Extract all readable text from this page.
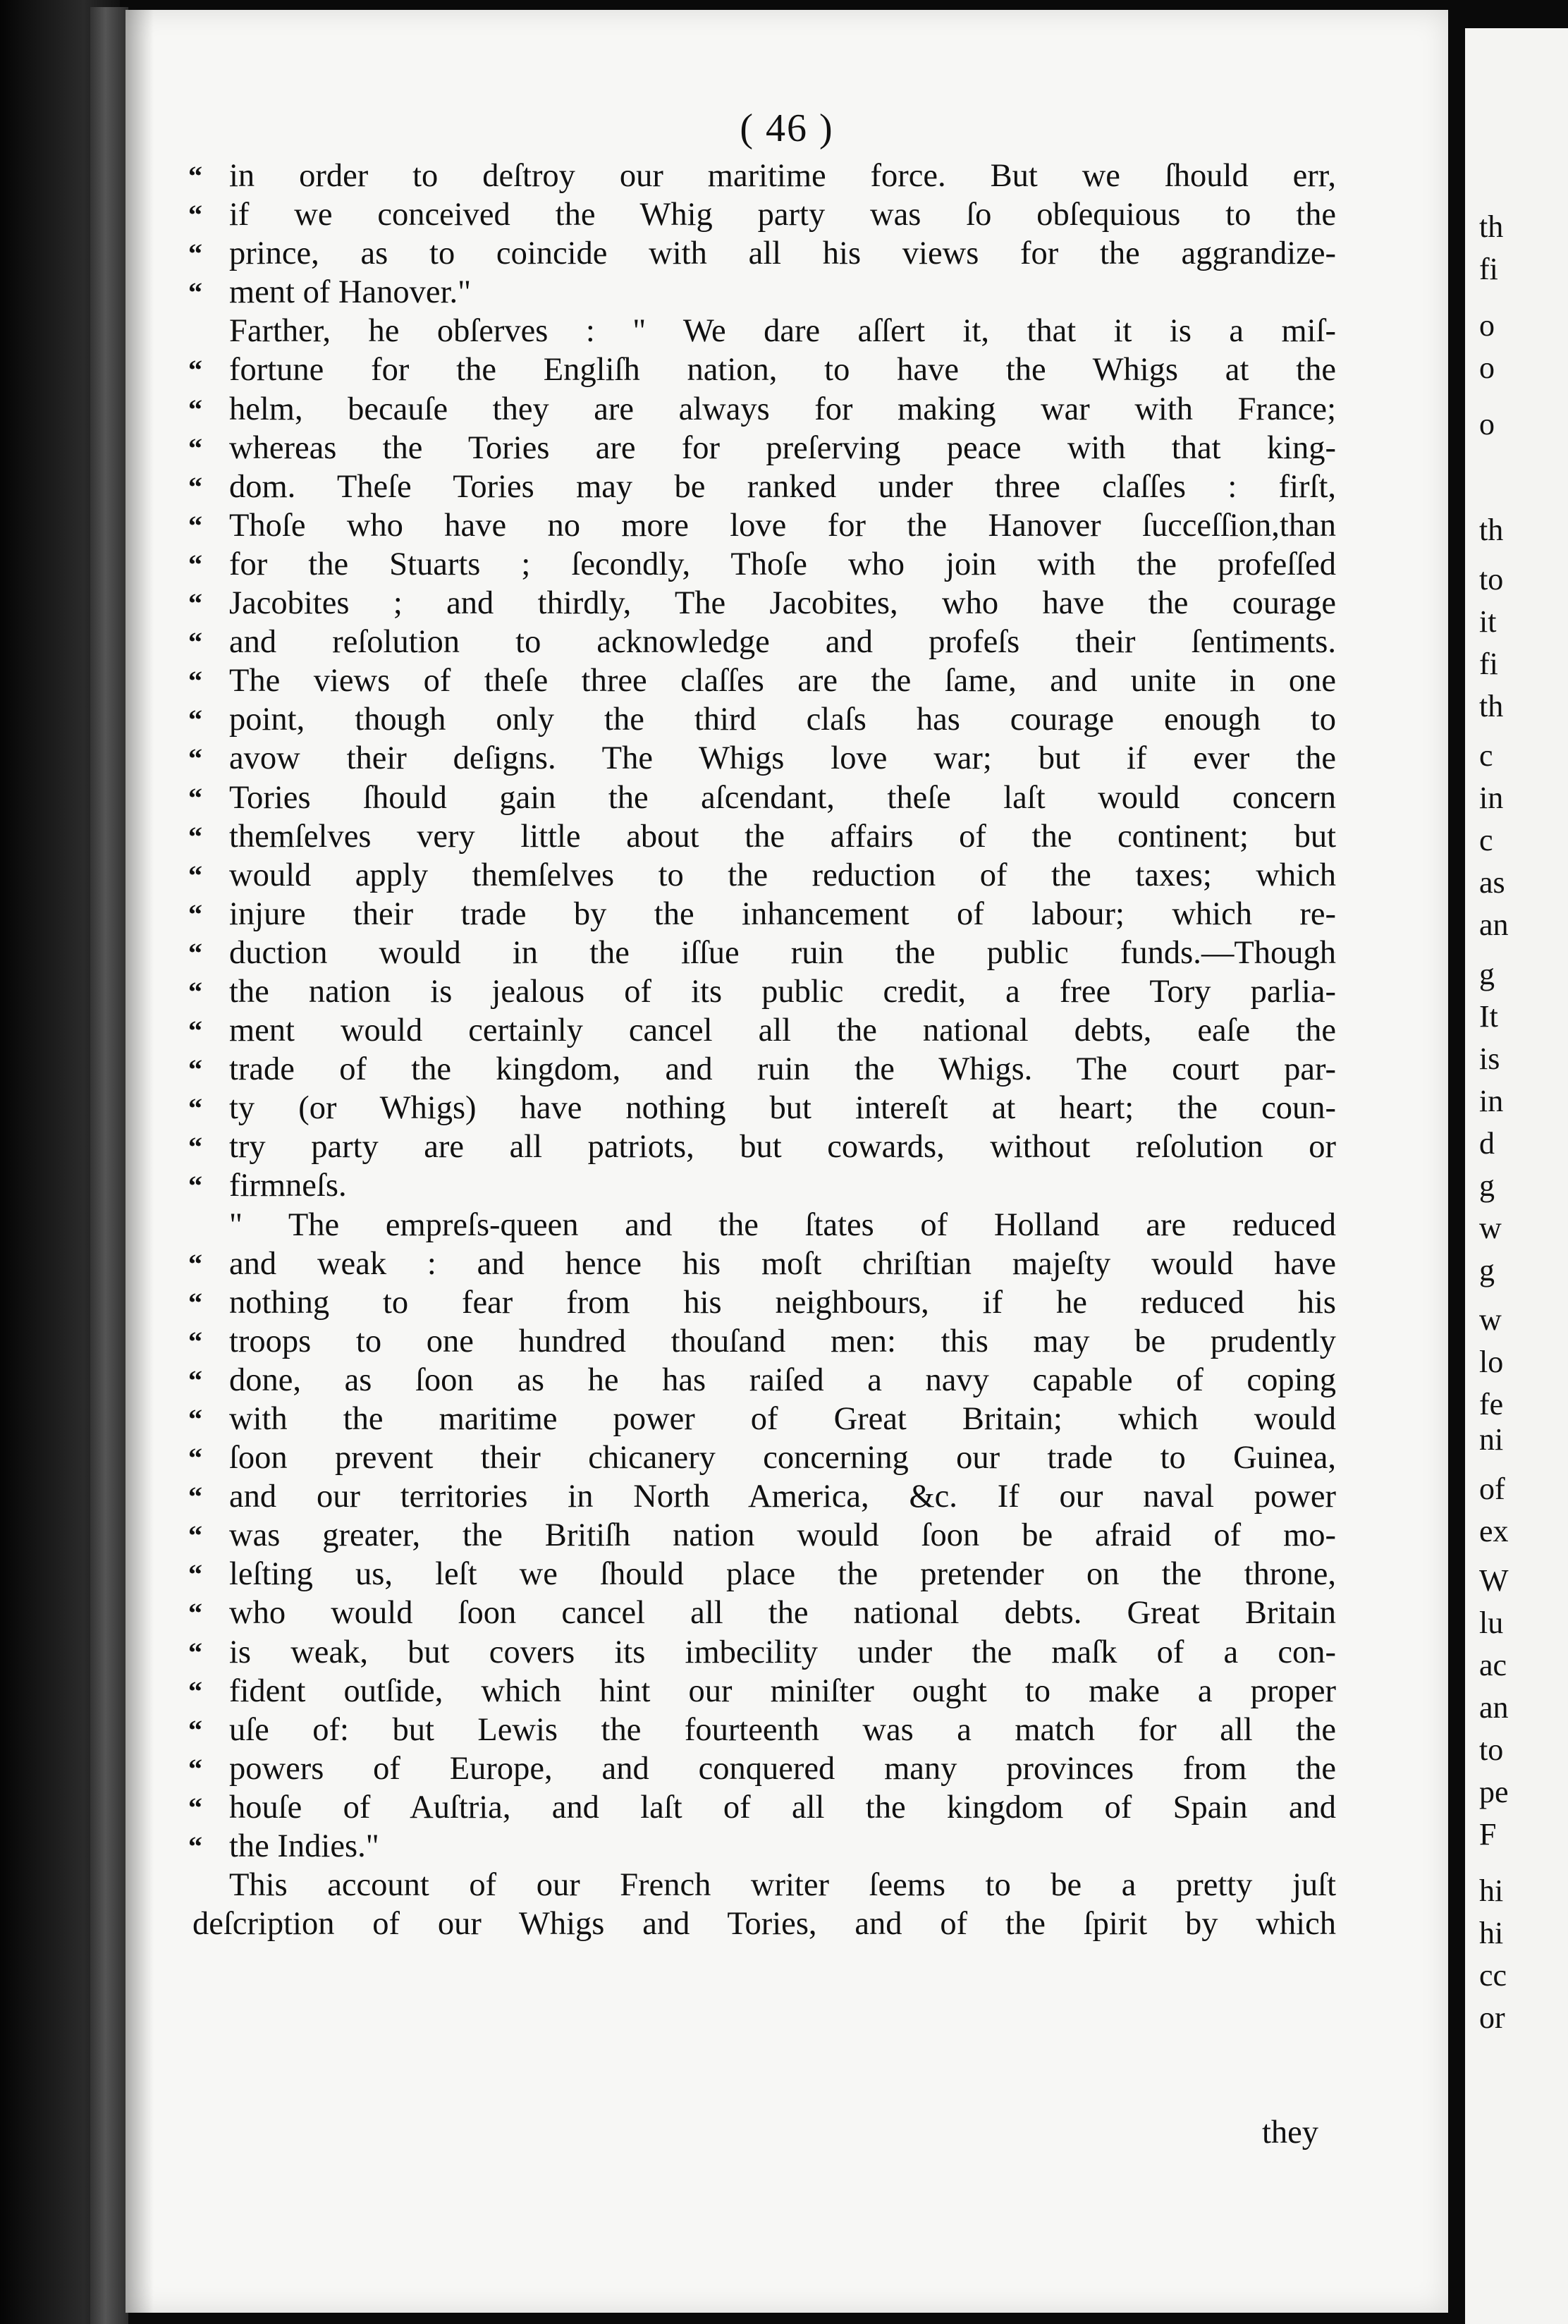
( 46 )
“ in order to deſtroy our maritime force. But we ſhould err,
“ if we conceived the Whig party was ſo obſequious to the
“ prince, as to coincide with all his views for the aggrandize-
“ ment of Hanover."
Farther, he obſerves : " We dare aſſert it, that it is a miſ-
“ fortune for the Engliſh nation, to have the Whigs at the
“ helm, becauſe they are always for making war with France;
“ whereas the Tories are for preſerving peace with that king-
“ dom. Theſe Tories may be ranked under three claſſes : firſt,
“ Thoſe who have no more love for the Hanover ſucceſſion,than
“ for the Stuarts ; ſecondly, Thoſe who join with the profeſſed
“ Jacobites ; and thirdly, The Jacobites, who have the courage
“ and reſolution to acknowledge and profeſs their ſentiments.
“ The views of theſe three claſſes are the ſame, and unite in one
“ point, though only the third claſs has courage enough to
“ avow their deſigns. The Whigs love war; but if ever the
“ Tories ſhould gain the aſcendant, theſe laſt would concern
“ themſelves very little about the affairs of the continent; but
“ would apply themſelves to the reduction of the taxes; which
“ injure their trade by the inhancement of labour; which re-
“ duction would in the iſſue ruin the public funds.—Though
“ the nation is jealous of its public credit, a free Tory parlia-
“ ment would certainly cancel all the national debts, eaſe the
“ trade of the kingdom, and ruin the Whigs. The court par-
“ ty (or Whigs) have nothing but intereſt at heart; the coun-
“ try party are all patriots, but cowards, without reſolution or
“ firmneſs.
" The empreſs-queen and the ſtates of Holland are reduced
“ and weak : and hence his moſt chriſtian majeſty would have
“ nothing to fear from his neighbours, if he reduced his
“ troops to one hundred thouſand men: this may be prudently
“ done, as ſoon as he has raiſed a navy capable of coping
“ with the maritime power of Great Britain; which would
“ ſoon prevent their chicanery concerning our trade to Guinea,
“ and our territories in North America, &c. If our naval power
“ was greater, the Britiſh nation would ſoon be afraid of mo-
“ leſting us, leſt we ſhould place the pretender on the throne,
“ who would ſoon cancel all the national debts. Great Britain
“ is weak, but covers its imbecility under the maſk of a con-
“ fident outſide, which hint our miniſter ought to make a proper
“ uſe of: but Lewis the fourteenth was a match for all the
“ powers of Europe, and conquered many provinces from the
“ houſe of Auſtria, and laſt of all the kingdom of Spain and
“ the Indies."
This account of our French writer ſeems to be a pretty juſt
deſcription of our Whigs and Tories, and of the ſpirit by which
they
th
fi
o
o
o
th
to
it
fi
th
c
in
c
as
an
g
It
is
in
d
g
w
g
w
lo
fe
ni
of
ex
W
lu
ac
an
to
pe
F
hi
hi
cc
or
